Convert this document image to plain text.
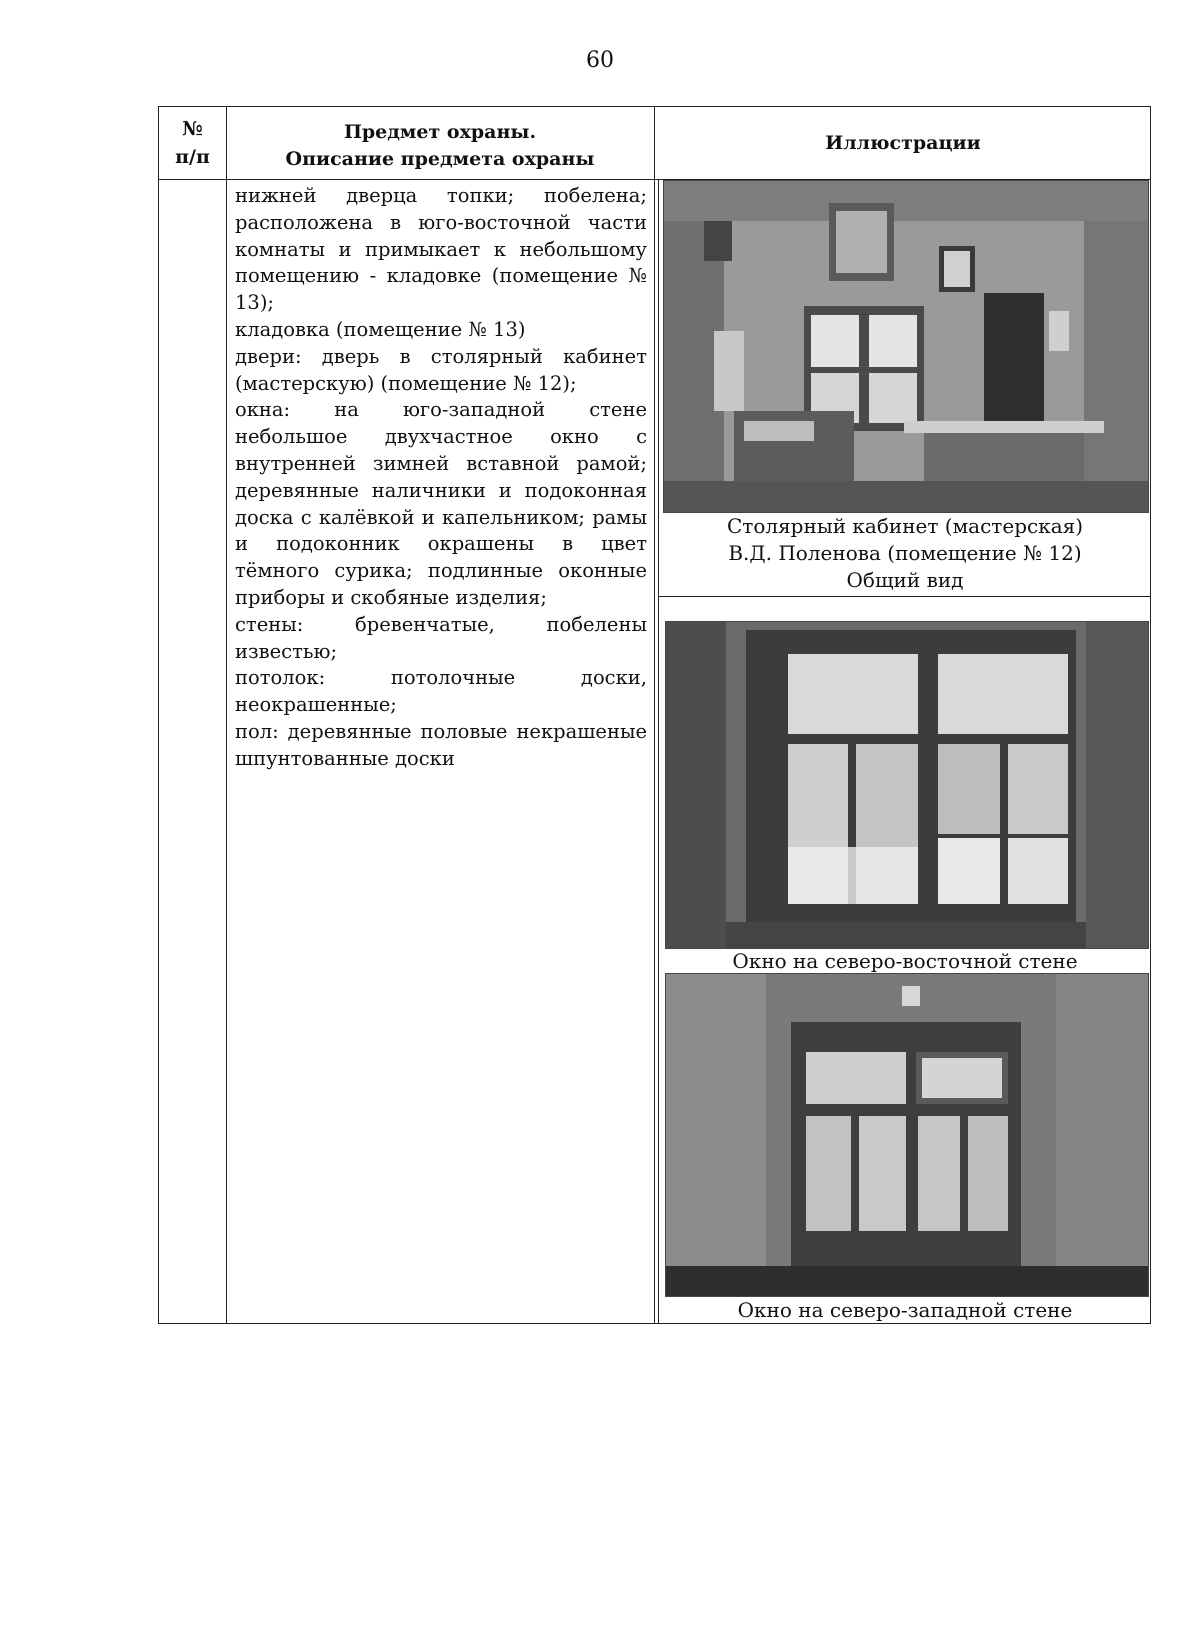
60
№
п/п
Предмет охраны.
Описание предмета охраны
Иллюстрации

нижней дверца топки; побелена; расположена в юго-восточной части комнаты и примыкает к небольшому помещению - кладовке (помещение № 13);

кладовка (помещение № 13)

двери: дверь в столярный кабинет (мастерскую) (помещение № 12);

окна: на юго-западной стене небольшое двухчастное окно с внутренней зимней вставной рамой; деревянные наличники и подоконная доска с калёвкой и капельником; рамы и подоконник окрашены в цвет тёмного сурика; подлинные оконные приборы и скобяные изделия;

стены: бревенчатые, побелены известью;

потолок: потолочные доски, неокрашенные;

пол: деревянные половые некрашеные шпунтованные доски

Столярный кабинет (мастерская)
В.Д. Поленова (помещение № 12)
Общий вид
Окно на северо-восточной стене
Окно на северо-западной стене
